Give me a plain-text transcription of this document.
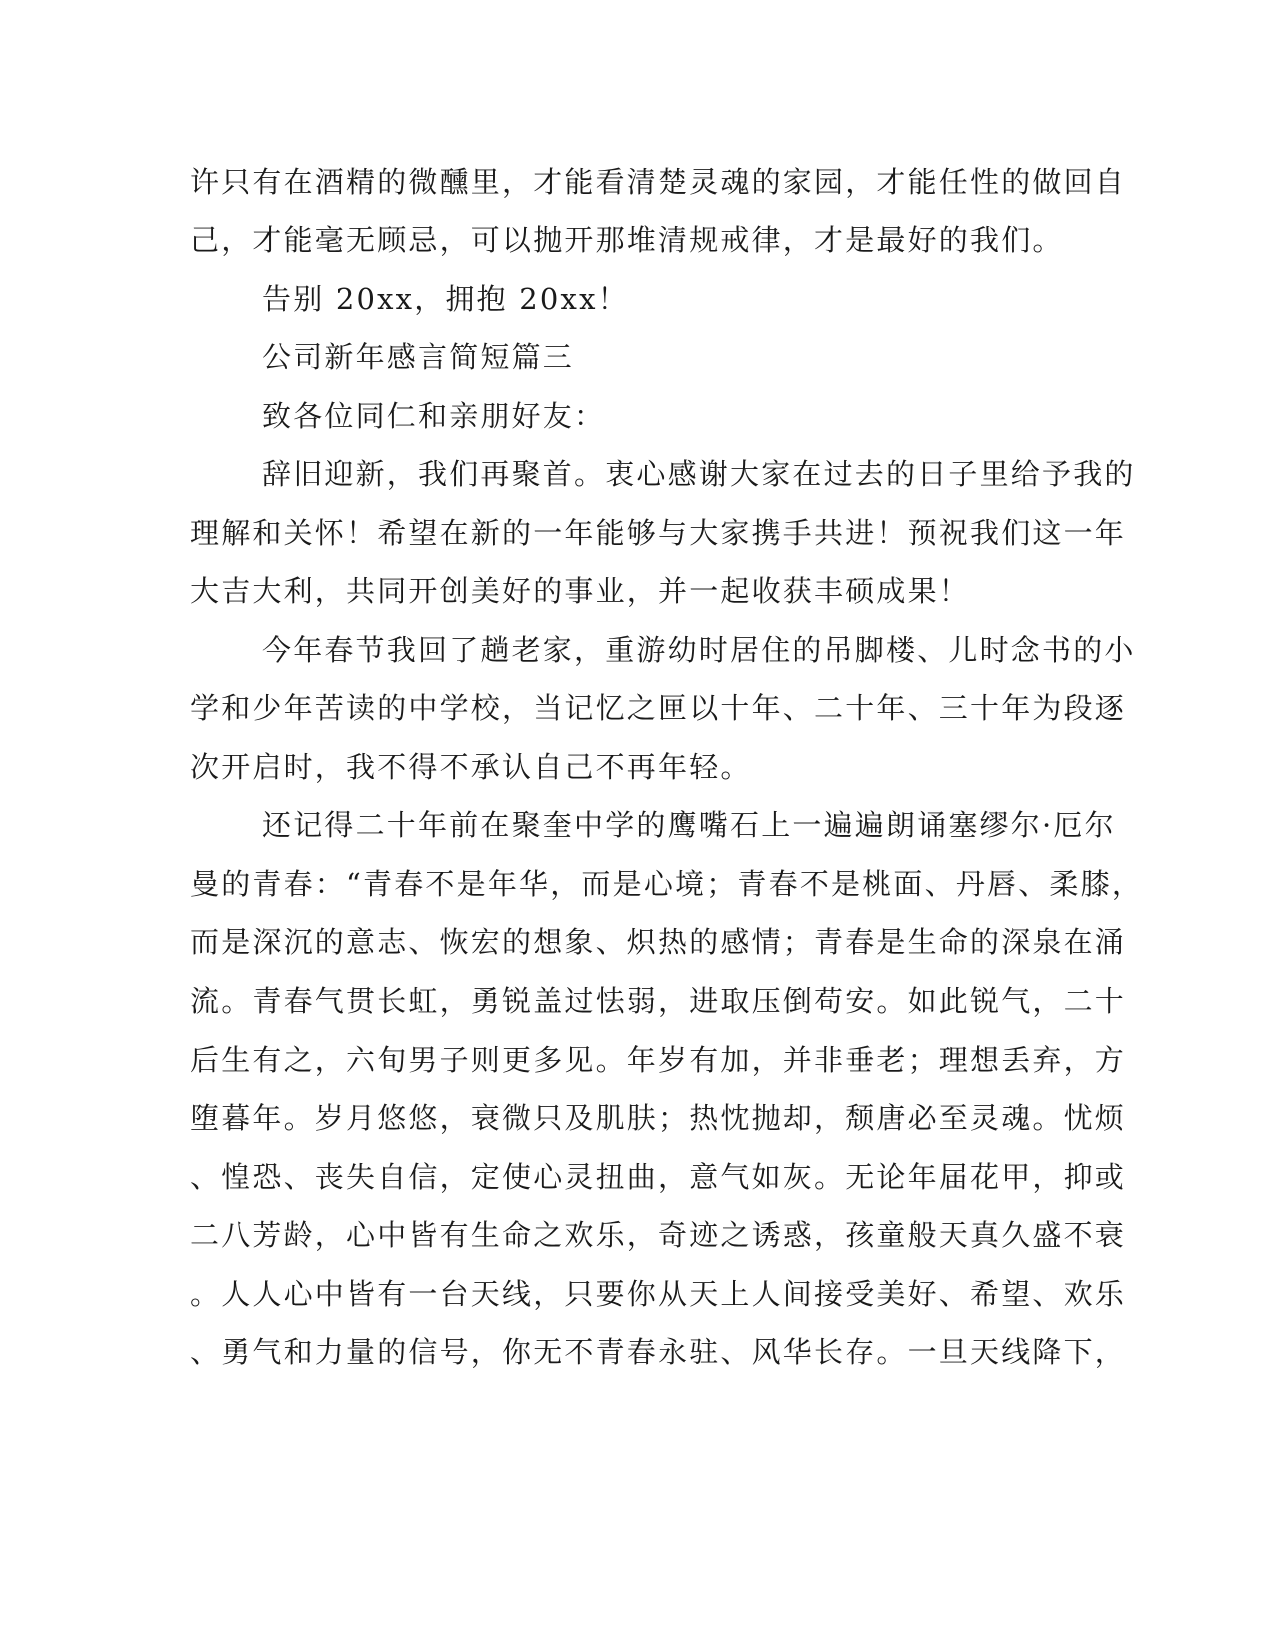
许只有在酒精的微醺里，才能看清楚灵魂的家园，才能任性的做回自
己，才能毫无顾忌，可以抛开那堆清规戒律，才是最好的我们。
告别 20xx，拥抱 20xx！
公司新年感言简短篇三
致各位同仁和亲朋好友：
辞旧迎新，我们再聚首。衷心感谢大家在过去的日子里给予我的
理解和关怀！希望在新的一年能够与大家携手共进！预祝我们这一年
大吉大利，共同开创美好的事业，并一起收获丰硕成果！
今年春节我回了趟老家，重游幼时居住的吊脚楼、儿时念书的小
学和少年苦读的中学校，当记忆之匣以十年、二十年、三十年为段逐
次开启时，我不得不承认自己不再年轻。
还记得二十年前在聚奎中学的鹰嘴石上一遍遍朗诵塞缪尔·厄尔
曼的青春：“青春不是年华，而是心境；青春不是桃面、丹唇、柔膝，
而是深沉的意志、恢宏的想象、炽热的感情；青春是生命的深泉在涌
流。青春气贯长虹，勇锐盖过怯弱，进取压倒苟安。如此锐气，二十
后生有之，六旬男子则更多见。年岁有加，并非垂老；理想丢弃，方
堕暮年。岁月悠悠，衰微只及肌肤；热忱抛却，颓唐必至灵魂。忧烦
、惶恐、丧失自信，定使心灵扭曲，意气如灰。无论年届花甲，抑或
二八芳龄，心中皆有生命之欢乐，奇迹之诱惑，孩童般天真久盛不衰
。人人心中皆有一台天线，只要你从天上人间接受美好、希望、欢乐
、勇气和力量的信号，你无不青春永驻、风华长存。一旦天线降下，
